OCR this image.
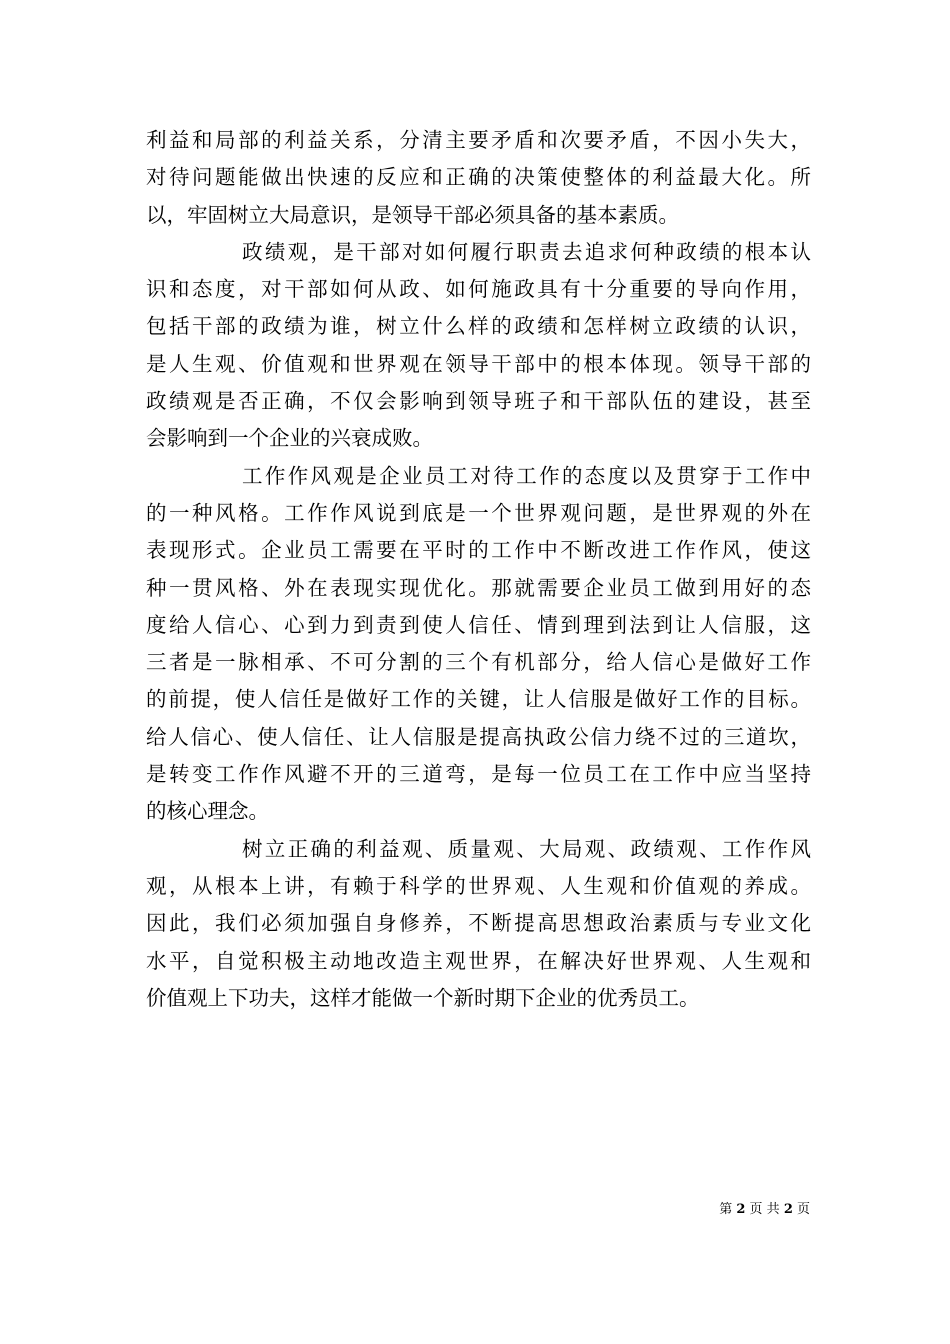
利益和局部的利益关系，分清主要矛盾和次要矛盾，不因小失大，
对待问题能做出快速的反应和正确的决策使整体的利益最大化。所
以，牢固树立大局意识，是领导干部必须具备的基本素质。
政绩观，是干部对如何履行职责去追求何种政绩的根本认
识和态度，对干部如何从政、如何施政具有十分重要的导向作用，
包括干部的政绩为谁，树立什么样的政绩和怎样树立政绩的认识，
是人生观、价值观和世界观在领导干部中的根本体现。领导干部的
政绩观是否正确，不仅会影响到领导班子和干部队伍的建设，甚至
会影响到一个企业的兴衰成败。
工作作风观是企业员工对待工作的态度以及贯穿于工作中
的一种风格。工作作风说到底是一个世界观问题，是世界观的外在
表现形式。企业员工需要在平时的工作中不断改进工作作风，使这
种一贯风格、外在表现实现优化。那就需要企业员工做到用好的态
度给人信心、心到力到责到使人信任、情到理到法到让人信服，这
三者是一脉相承、不可分割的三个有机部分，给人信心是做好工作
的前提，使人信任是做好工作的关键，让人信服是做好工作的目标。
给人信心、使人信任、让人信服是提高执政公信力绕不过的三道坎，
是转变工作作风避不开的三道弯，是每一位员工在工作中应当坚持
的核心理念。
树立正确的利益观、质量观、大局观、政绩观、工作作风
观，从根本上讲，有赖于科学的世界观、人生观和价值观的养成。
因此，我们必须加强自身修养，不断提高思想政治素质与专业文化
水平，自觉积极主动地改造主观世界，在解决好世界观、人生观和
价值观上下功夫，这样才能做一个新时期下企业的优秀员工。
第 2 页 共 2 页
